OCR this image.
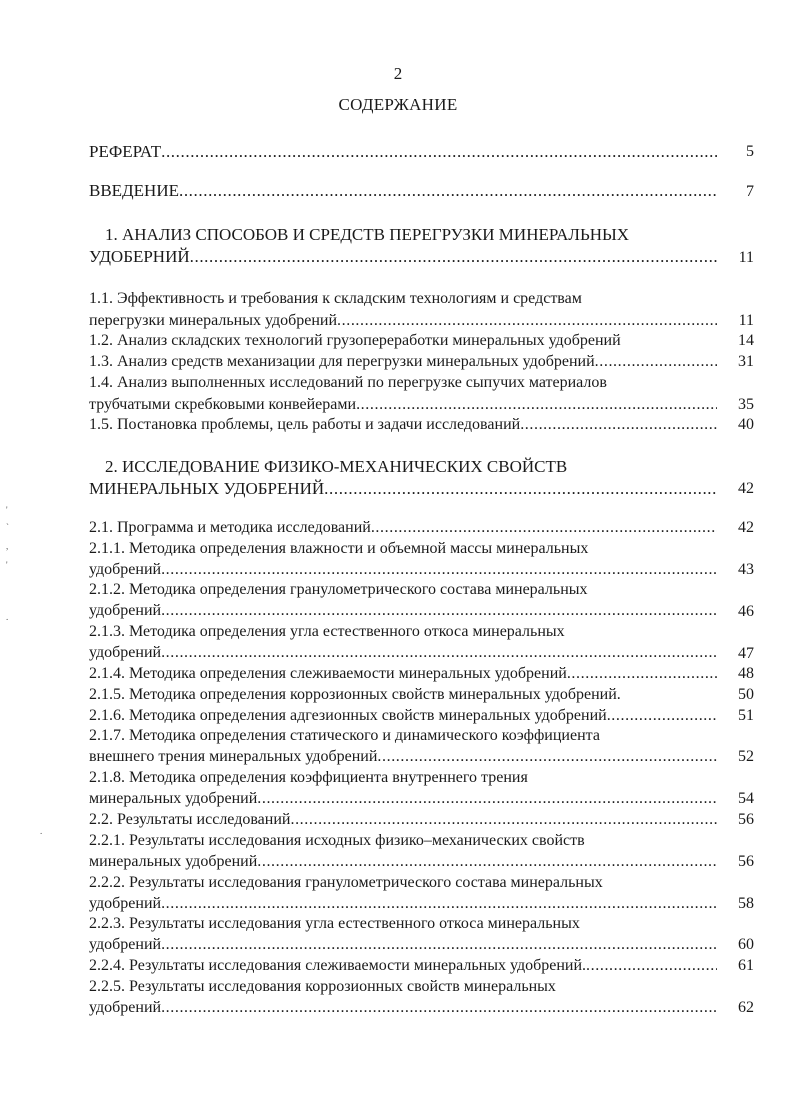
2
СОДЕРЖАНИЕ
РЕФЕРАТ .....	5
ВВЕДЕНИЕ .....	7
1. АНАЛИЗ СПОСОБОВ И СРЕДСТВ ПЕРЕГРУЗКИ МИНЕРАЛЬНЫХ
УДОБЕРНИЙ .....	11
1.1. Эффективность и требования к складским технологиям и средствам
перегрузки минеральных удобрений .....	11
1.2. Анализ складских технологий грузопереработки минеральных удобрений	14
1.3. Анализ средств механизации для перегрузки минеральных удобрений .....	31
1.4. Анализ выполненных исследований по перегрузке сыпучих материалов
трубчатыми скребковыми конвейерами .....	35
1.5. Постановка проблемы, цель работы и задачи исследований .....	40
2. ИССЛЕДОВАНИЕ ФИЗИКО-МЕХАНИЧЕСКИХ СВОЙСТВ
МИНЕРАЛЬНЫХ УДОБРЕНИЙ .....	42
2.1. Программа и методика исследований .....	42
2.1.1. Методика определения влажности и объемной массы минеральных
удобрений .....	43
2.1.2. Методика определения гранулометрического состава минеральных
удобрений .....	46
2.1.3. Методика определения угла естественного откоса минеральных
удобрений .....	47
2.1.4. Методика определения слеживаемости минеральных удобрений .....	48
2.1.5. Методика определения коррозионных свойств минеральных удобрений.	50
2.1.6. Методика определения адгезионных свойств минеральных удобрений .....	51
2.1.7. Методика определения статического и динамического коэффициента
внешнего трения минеральных удобрений .....	52
2.1.8. Методика определения коэффициента внутреннего трения
минеральных удобрений .....	54
2.2. Результаты исследований .....	56
2.2.1. Результаты исследования исходных физико–механических свойств
минеральных удобрений .....	56
2.2.2. Результаты исследования гранулометрического состава минеральных
удобрений .....	58
2.2.3. Результаты исследования угла естественного откоса минеральных
удобрений .....	60
2.2.4. Результаты исследования слеживаемости минеральных удобрений. .....	61
2.2.5. Результаты исследования коррозионных свойств минеральных
удобрений .....	62
'
`
,
'
.
.
